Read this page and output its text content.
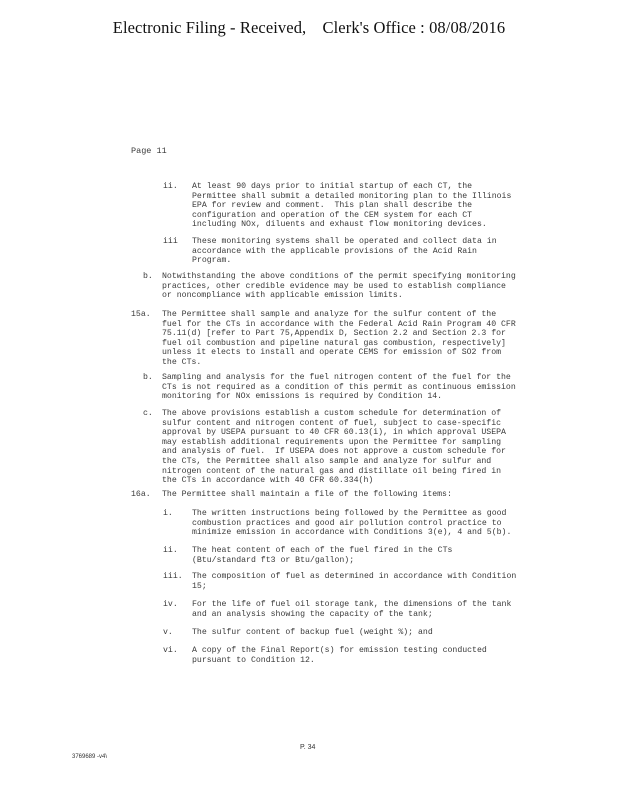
Electronic Filing - Received, Clerk's Office : 08/08/2016
Page 11
ii. At least 90 days prior to initial startup of each CT, the
Permittee shall submit a detailed monitoring plan to the Illinois
EPA for review and comment.  This plan shall describe the
configuration and operation of the CEM system for each CT
including NOx, diluents and exhaust flow monitoring devices.
iii These monitoring systems shall be operated and collect data in
accordance with the applicable provisions of the Acid Rain
Program.
b. Notwithstanding the above conditions of the permit specifying monitoring
practices, other credible evidence may be used to establish compliance
or noncompliance with applicable emission limits.
15a. The Permittee shall sample and analyze for the sulfur content of the
fuel for the CTs in accordance with the Federal Acid Rain Program 40 CFR
75.11(d) [refer to Part 75,Appendix D, Section 2.2 and Section 2.3 for
fuel oil combustion and pipeline natural gas combustion, respectively]
unless it elects to install and operate CEMS for emission of SO2 from
the CTs.
b. Sampling and analysis for the fuel nitrogen content of the fuel for the
CTs is not required as a condition of this permit as continuous emission
monitoring for NOx emissions is required by Condition 14.
c. The above provisions establish a custom schedule for determination of
sulfur content and nitrogen content of fuel, subject to case-specific
approval by USEPA pursuant to 40 CFR 60.13(i), in which approval USEPA
may establish additional requirements upon the Permittee for sampling
and analysis of fuel.  If USEPA does not approve a custom schedule for
the CTs, the Permittee shall also sample and analyze for sulfur and
nitrogen content of the natural gas and distillate oil being fired in
the CTs in accordance with 40 CFR 60.334(h)
16a. The Permittee shall maintain a file of the following items:
i. The written instructions being followed by the Permittee as good
combustion practices and good air pollution control practice to
minimize emission in accordance with Conditions 3(e), 4 and 5(b).
ii. The heat content of each of the fuel fired in the CTs
(Btu/standard ft3 or Btu/gallon);
iii. The composition of fuel as determined in accordance with Condition
15;
iv. For the life of fuel oil storage tank, the dimensions of the tank
and an analysis showing the capacity of the tank;
v. The sulfur content of backup fuel (weight %); and
vi. A copy of the Final Report(s) for emission testing conducted
pursuant to Condition 12.
P. 34
3769689 -v4\
